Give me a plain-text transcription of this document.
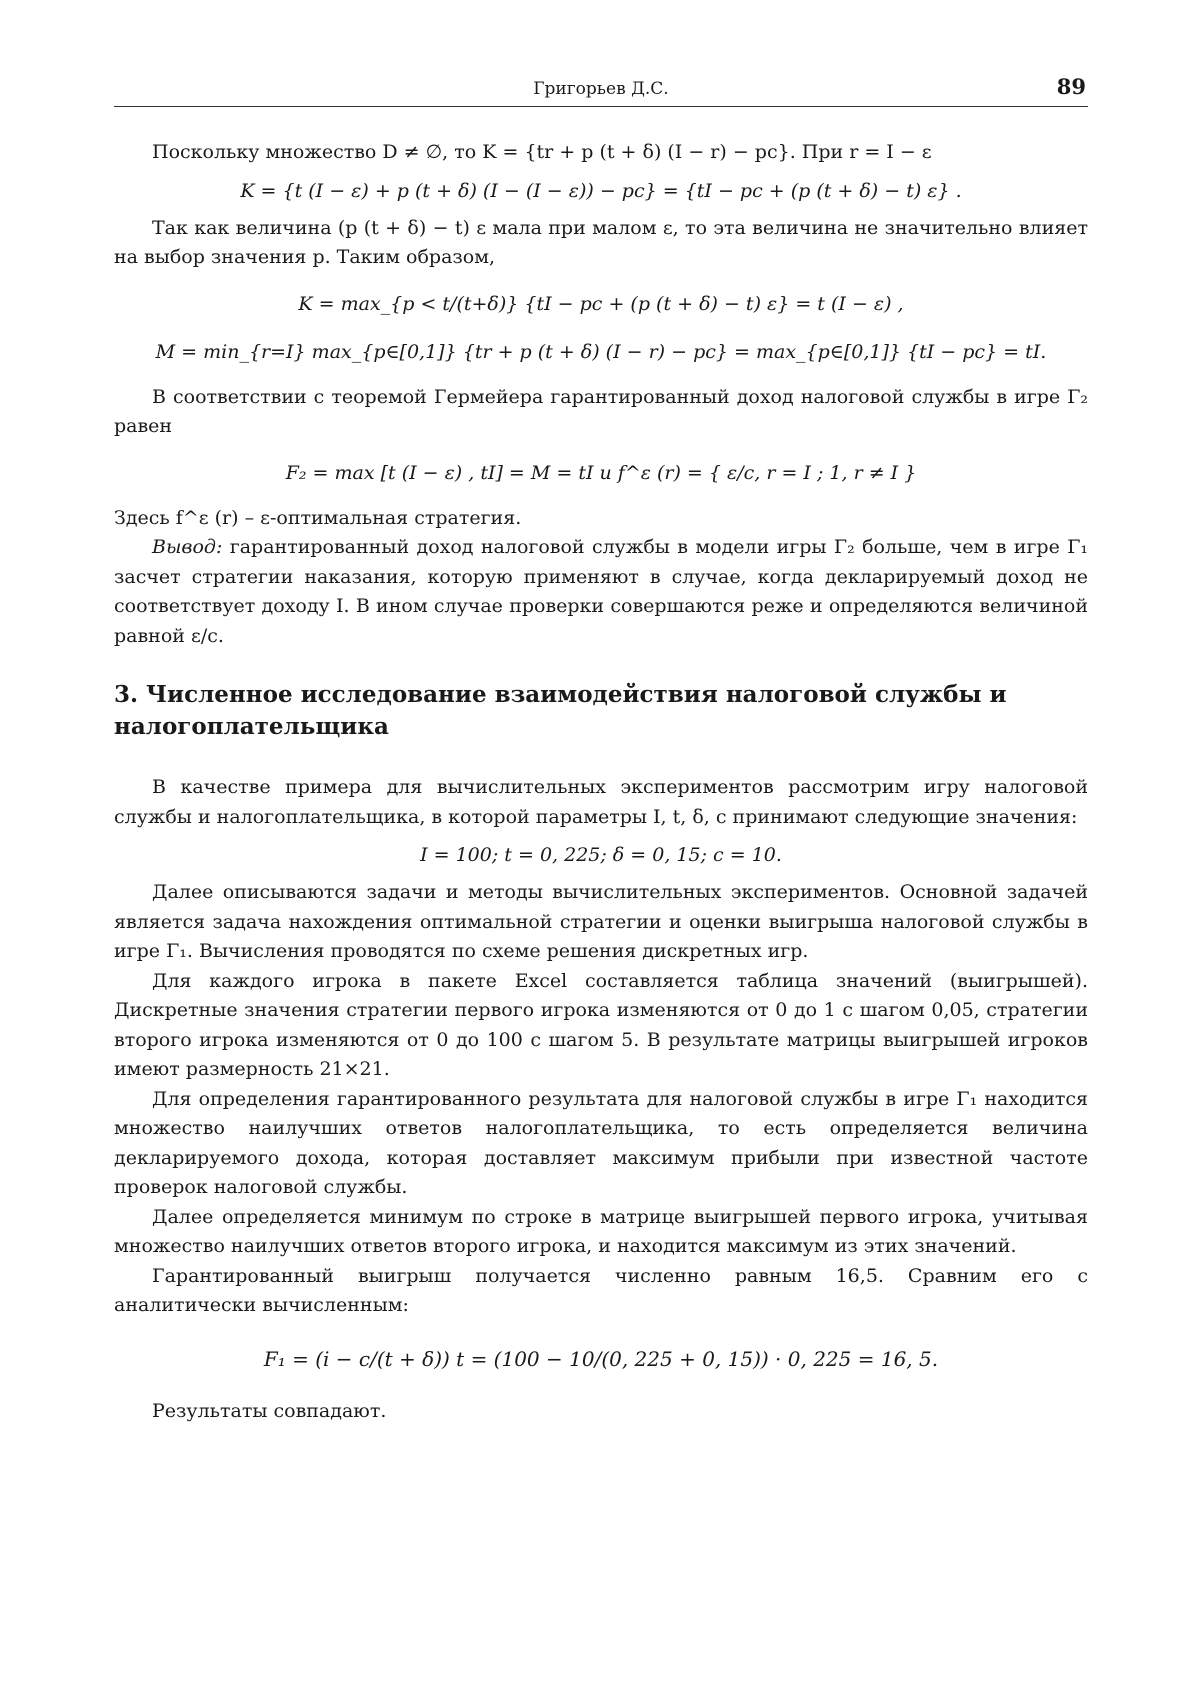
Григорьев Д.С.	89

Поскольку множество D ≠ ∅, то K = {tr + p (t + δ) (I − r) − pc}. При r = I − ε

K = {t (I − ε) + p (t + δ) (I − (I − ε)) − pc} = {tI − pc + (p (t + δ) − t) ε} .

Так как величина (p (t + δ) − t) ε мала при малом ε, то эта величина не значительно влияет на выбор значения p. Таким образом,

K = max_{p < t/(t+δ)} {tI − pc + (p (t + δ) − t) ε} = t (I − ε) ,
M = min_{r=I} max_{p∈[0,1]} {tr + p (t + δ) (I − r) − pc} = max_{p∈[0,1]} {tI − pc} = tI.

В соответствии с теоремой Гермейера гарантированный доход налоговой службы в игре Γ₂ равен

F₂ = max [t (I − ε) , tI] = M = tI и f^ε (r) = { ε/c, r = I ; 1, r ≠ I }

Здесь f^ε (r) – ε-оптимальная стратегия.

Вывод: гарантированный доход налоговой службы в модели игры Γ₂ больше, чем в игре Γ₁ засчет стратегии наказания, которую применяют в случае, когда декларируемый доход не соответствует доходу I. В ином случае проверки совершаются реже и определяются величиной равной ε/c.

3. Численное исследование взаимодействия налоговой службы и налогоплательщика

В качестве примера для вычислительных экспериментов рассмотрим игру налоговой службы и налогоплательщика, в которой параметры I, t, δ, c принимают следующие значения:

I = 100; t = 0, 225; δ = 0, 15; c = 10.

Далее описываются задачи и методы вычислительных экспериментов. Основной задачей является задача нахождения оптимальной стратегии и оценки выигрыша налоговой службы в игре Γ₁. Вычисления проводятся по схеме решения дискретных игр.

Для каждого игрока в пакете Excel составляется таблица значений (выигрышей). Дискретные значения стратегии первого игрока изменяются от 0 до 1 с шагом 0,05, стратегии второго игрока изменяются от 0 до 100 с шагом 5. В результате матрицы выигрышей игроков имеют размерность 21×21.

Для определения гарантированного результата для налоговой службы в игре Γ₁ находится множество наилучших ответов налогоплательщика, то есть определяется величина декларируемого дохода, которая доставляет максимум прибыли при известной частоте проверок налоговой службы.

Далее определяется минимум по строке в матрице выигрышей первого игрока, учитывая множество наилучших ответов второго игрока, и находится максимум из этих значений.

Гарантированный выигрыш получается численно равным 16,5. Сравним его с аналитически вычисленным:

F₁ = (i − c/(t + δ)) t = (100 − 10/(0, 225 + 0, 15)) · 0, 225 = 16, 5.

Результаты совпадают.
